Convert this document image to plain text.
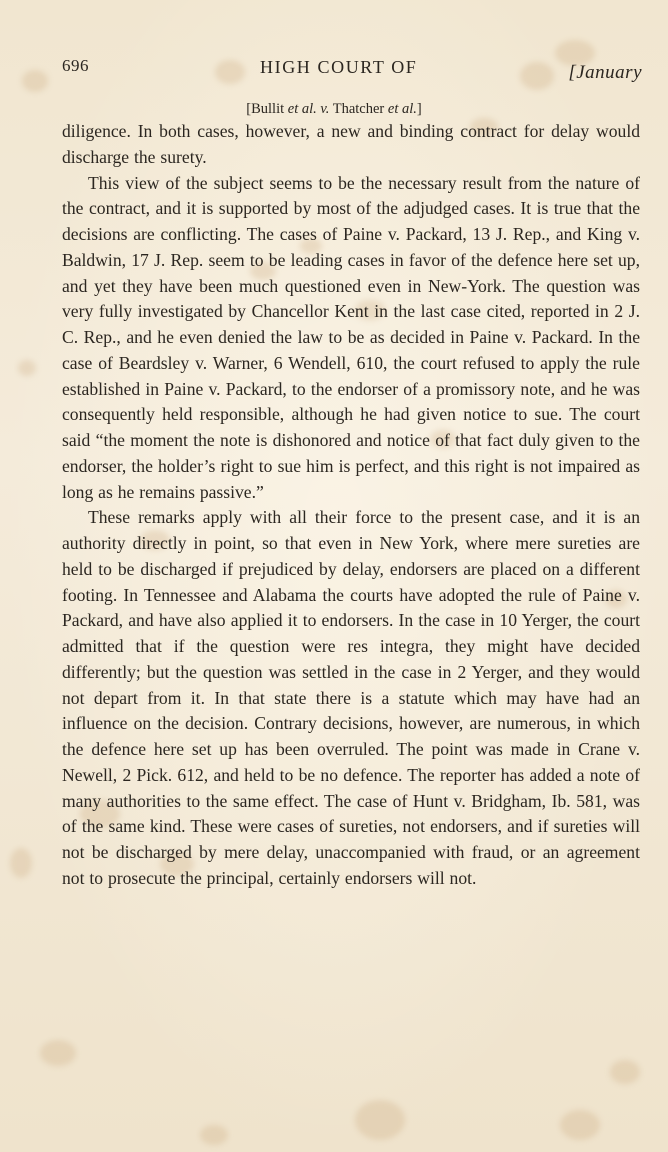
696	HIGH COURT OF	[January
[Bullit et al. v. Thatcher et al.]

diligence. In both cases, however, a new and binding contract for delay would discharge the surety.

This view of the subject seems to be the necessary result from the nature of the contract, and it is supported by most of the adjudged cases. It is true that the decisions are conflicting. The cases of Paine v. Packard, 13 J. Rep., and King v. Baldwin, 17 J. Rep. seem to be leading cases in favor of the defence here set up, and yet they have been much questioned even in New-York. The question was very fully investigated by Chancellor Kent in the last case cited, reported in 2 J. C. Rep., and he even denied the law to be as decided in Paine v. Packard. In the case of Beardsley v. Warner, 6 Wendell, 610, the court refused to apply the rule established in Paine v. Packard, to the endorser of a promissory note, and he was consequently held responsible, although he had given notice to sue. The court said “the moment the note is dishonored and notice of that fact duly given to the endorser, the holder’s right to sue him is perfect, and this right is not impaired as long as he remains passive.”

These remarks apply with all their force to the present case, and it is an authority directly in point, so that even in New York, where mere sureties are held to be discharged if prejudiced by delay, endorsers are placed on a different footing. In Tennessee and Alabama the courts have adopted the rule of Paine v. Packard, and have also applied it to endorsers. In the case in 10 Yerger, the court admitted that if the question were res integra, they might have decided differently; but the question was settled in the case in 2 Yerger, and they would not depart from it. In that state there is a statute which may have had an influence on the decision. Contrary decisions, however, are numerous, in which the defence here set up has been overruled. The point was made in Crane v. Newell, 2 Pick. 612, and held to be no defence. The reporter has added a note of many authorities to the same effect. The case of Hunt v. Bridgham, Ib. 581, was of the same kind. These were cases of sureties, not endorsers, and if sureties will not be discharged by mere delay, unaccompanied with fraud, or an agreement not to prosecute the principal, certainly endorsers will not.
